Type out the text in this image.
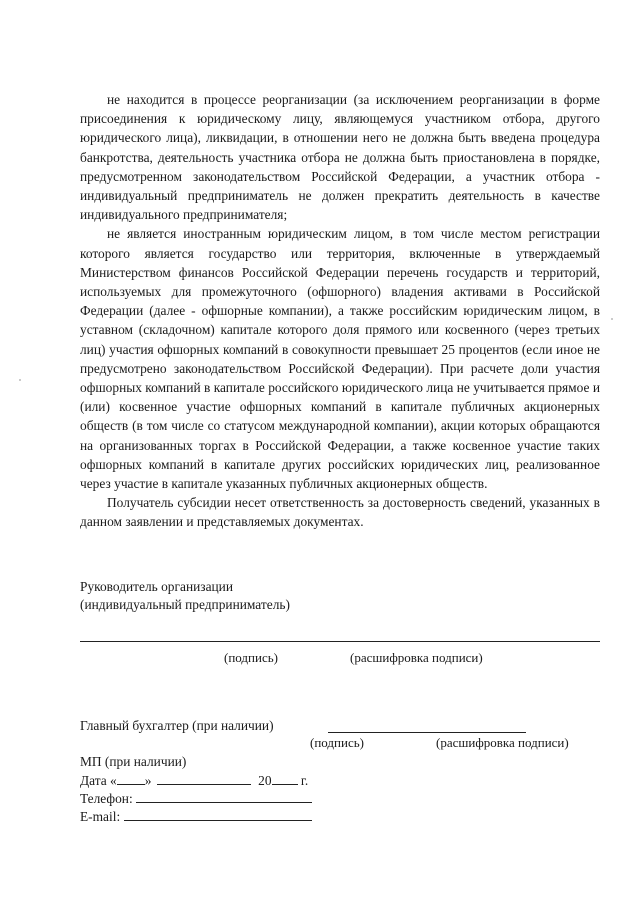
не находится в процессе реорганизации (за исключением реорганизации в форме присоединения к юридическому лицу, являющемуся участником отбора, другого юридического лица), ликвидации, в отношении него не должна быть введена процедура банкротства, деятельность участника отбора не должна быть приостановлена в порядке, предусмотренном законодательством Российской Федерации, а участник отбора - индивидуальный предприниматель не должен прекратить деятельность в качестве индивидуального предпринимателя;

не является иностранным юридическим лицом, в том числе местом регистрации которого является государство или территория, включенные в утверждаемый Министерством финансов Российской Федерации перечень государств и территорий, используемых для промежуточного (офшорного) владения активами в Российской Федерации (далее - офшорные компании), а также российским юридическим лицом, в уставном (складочном) капитале которого доля прямого или косвенного (через третьих лиц) участия офшорных компаний в совокупности превышает 25 процентов (если иное не предусмотрено законодательством Российской Федерации). При расчете доли участия офшорных компаний в капитале российского юридического лица не учитывается прямое и (или) косвенное участие офшорных компаний в капитале публичных акционерных обществ (в том числе со статусом международной компании), акции которых обращаются на организованных торгах в Российской Федерации, а также косвенное участие таких офшорных компаний в капитале других российских юридических лиц, реализованное через участие в капитале указанных публичных акционерных обществ.

Получатель субсидии несет ответственность за достоверность сведений, указанных в данном заявлении и представляемых документах.

Руководитель организации
(индивидуальный предприниматель)
(подпись)	(расшифровка подписи)
Главный бухгалтер (при наличии)
(подпись)	(расшифровка подписи)
МП (при наличии)
Дата « »	20 г.
Телефон:
E-mail:
